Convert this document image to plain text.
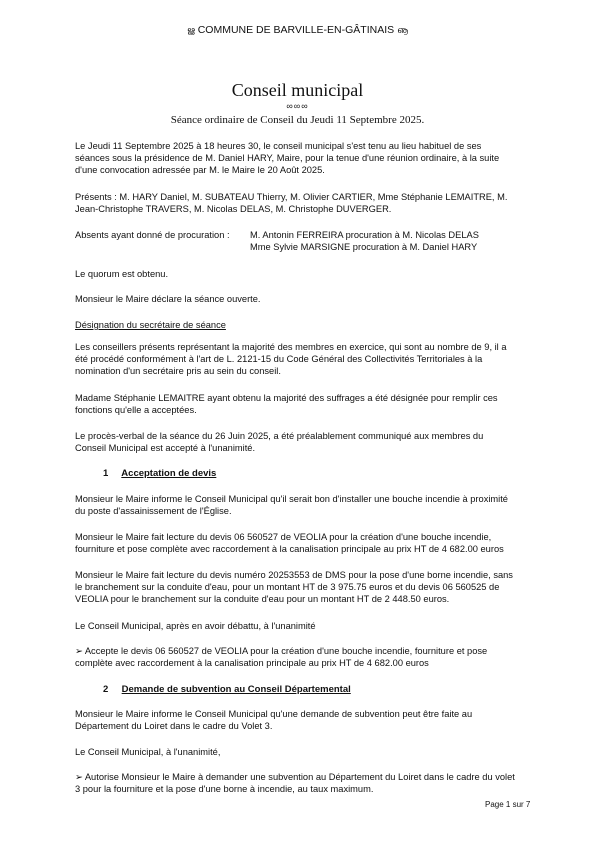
ൠ COMMUNE DE BARVILLE-EN-GÂTINAIS ൡ
Conseil municipal
∞∞∞
Séance ordinaire de Conseil du Jeudi 11 Septembre 2025.
Le Jeudi 11 Septembre 2025 à 18 heures 30, le conseil municipal s'est tenu au lieu habituel de ses séances sous la présidence de M. Daniel HARY, Maire, pour la tenue d'une réunion ordinaire, à la suite d'une convocation adressée par M. le Maire le 20 Août 2025.
Présents : M. HARY Daniel, M. SUBATEAU Thierry, M. Olivier CARTIER, Mme Stéphanie LEMAITRE, M. Jean-Christophe TRAVERS, M. Nicolas DELAS, M. Christophe DUVERGER.
Absents ayant donné de procuration : M. Antonin FERREIRA procuration à M. Nicolas DELAS
Mme Sylvie MARSIGNE procuration à M. Daniel HARY
Le quorum est obtenu.
Monsieur le Maire déclare la séance ouverte.
Désignation du secrétaire de séance
Les conseillers présents représentant la majorité des membres en exercice, qui sont au nombre de 9, il a été procédé conformément à l'art de L. 2121-15 du Code Général des Collectivités Territoriales à la nomination d'un secrétaire pris au sein du conseil.
Madame Stéphanie LEMAITRE ayant obtenu la majorité des suffrages a été désignée pour remplir ces fonctions qu'elle a acceptées.
Le procès-verbal de la séance du 26 Juin 2025, a été préalablement communiqué aux membres du Conseil Municipal est accepté à l'unanimité.
1 Acceptation de devis
Monsieur le Maire informe le Conseil Municipal qu'il serait bon d'installer une bouche incendie à proximité du poste d'assainissement de l'Église.
Monsieur le Maire fait lecture du devis 06 560527 de VEOLIA pour la création d'une bouche incendie, fourniture et pose complète avec raccordement à la canalisation principale au prix HT de 4 682.00 euros
Monsieur le Maire fait lecture du devis numéro 20253553 de DMS pour la pose d'une borne incendie, sans le branchement sur la conduite d'eau, pour un montant HT de 3 975.75 euros et du devis 06 560525 de VEOLIA pour le branchement sur la conduite d'eau pour un montant HT de 2 448.50 euros.
Le Conseil Municipal, après en avoir débattu, à l'unanimité
➢ Accepte le devis 06 560527 de VEOLIA pour la création d'une bouche incendie, fourniture et pose complète avec raccordement à la canalisation principale au prix HT de 4 682.00 euros
2 Demande de subvention au Conseil Départemental
Monsieur le Maire informe le Conseil Municipal qu'une demande de subvention peut être faite au Département du Loiret dans le cadre du Volet 3.
Le Conseil Municipal, à l'unanimité,
➢ Autorise Monsieur le Maire à demander une subvention au Département du Loiret dans le cadre du volet 3 pour la fourniture et la pose d'une borne à incendie, au taux maximum.
Page 1 sur 7
